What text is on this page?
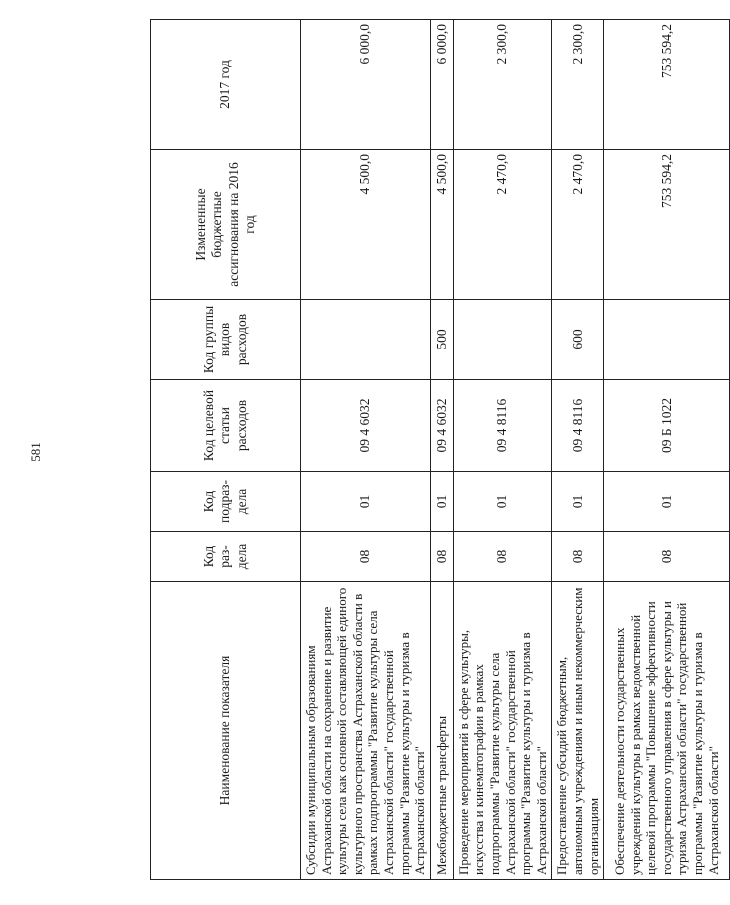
581
Наименование показателя	Код раз-дела	Код подраз-дела	Код целевой статьи расходов	Код группы видов расходов	Измененные бюджетные ассигнования на 2016 год	2017 год
Субсидии муниципальным образованиям Астраханской области на сохранение и развитие культуры села как основной составляющей единого культурного пространства Астраханской области в рамках подпрограммы "Развитие культуры села Астраханской области" государственной программы "Развитие культуры и туризма в Астраханской области"	08	01	09 4 6032		4 500,0	6 000,0
Межбюджетные трансферты	08	01	09 4 6032	500	4 500,0	6 000,0
Проведение мероприятий в сфере культуры, искусства и кинематографии в рамках подпрограммы "Развитие культуры села Астраханской области" государственной программы "Развитие культуры и туризма в Астраханской области"	08	01	09 4 8116		2 470,0	2 300,0
Предоставление субсидий бюджетным, автономным учреждениям и иным некоммерческим организациям	08	01	09 4 8116	600	2 470,0	2 300,0
Обеспечение деятельности государственных учреждений культуры в рамках ведомственной целевой программы "Повышение эффективности государственного управления в сфере культуры и туризма Астраханской области" государственной программы "Развитие культуры и туризма в Астраханской области"	08	01	09 Б 1022		753 594,2	753 594,2
